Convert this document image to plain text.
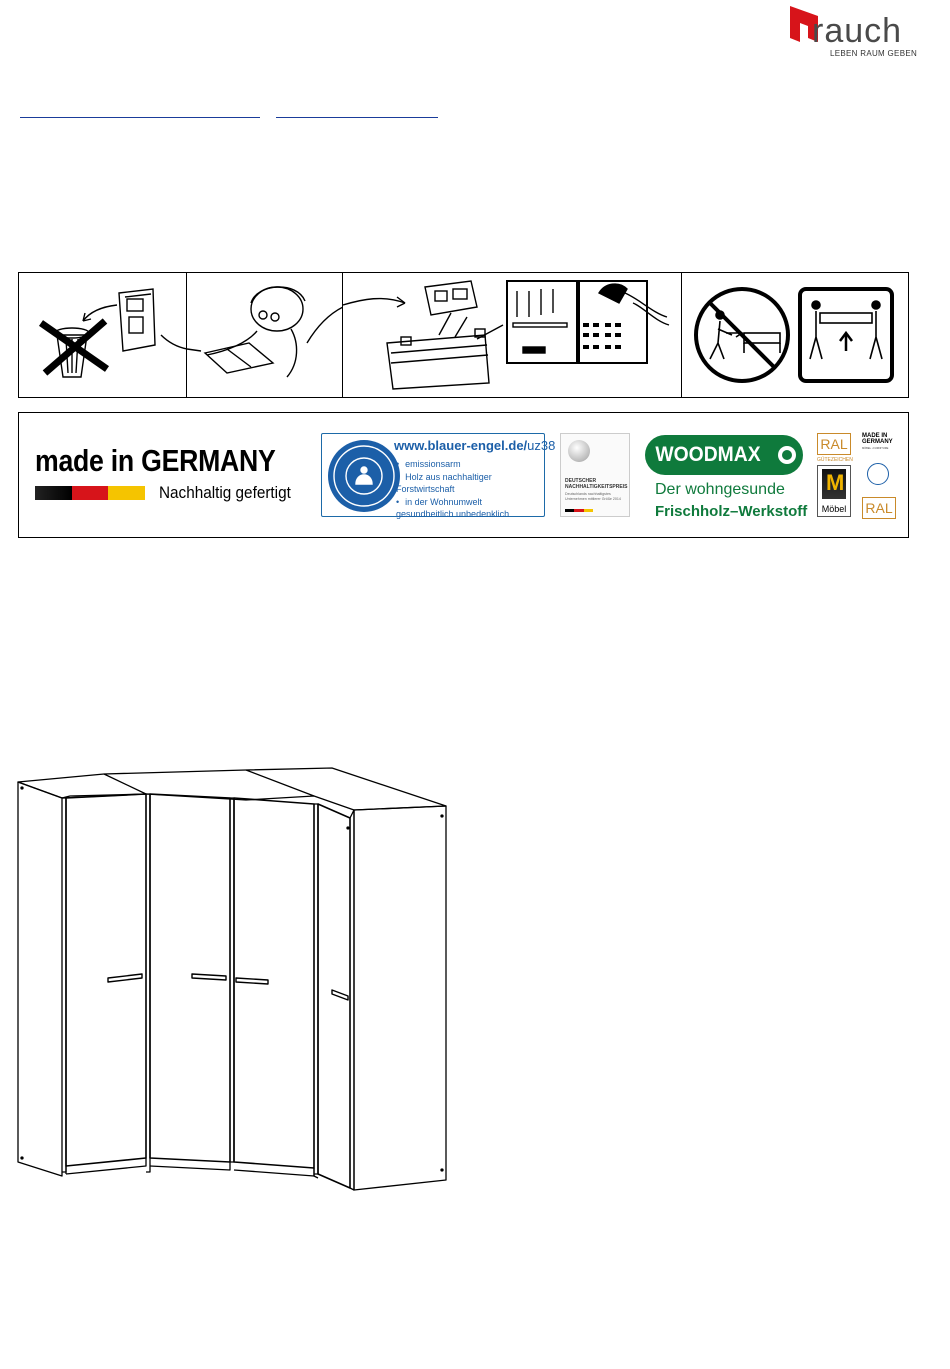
rauch
LEBEN RAUM GEBEN
made in GERMANY
Nachhaltig gefertigt
www.blauer-engel.de/uz38
• emissionsarm
• Holz aus nachhaltiger Forstwirtschaft
• in der Wohnumwelt gesundheitlich unbedenklich
DEUTSCHER NACHHALTIGKEITSPREIS
Deutschlands nachhaltigstes Unternehmen mittlerer Größe 2014
WOODMAX
Der wohngesunde
Frischholz–Werkstoff
RAL
GÜTEZEICHEN
M
Möbel
MADE IN GERMANY
MÖBEL • FURNITURE
RAL
